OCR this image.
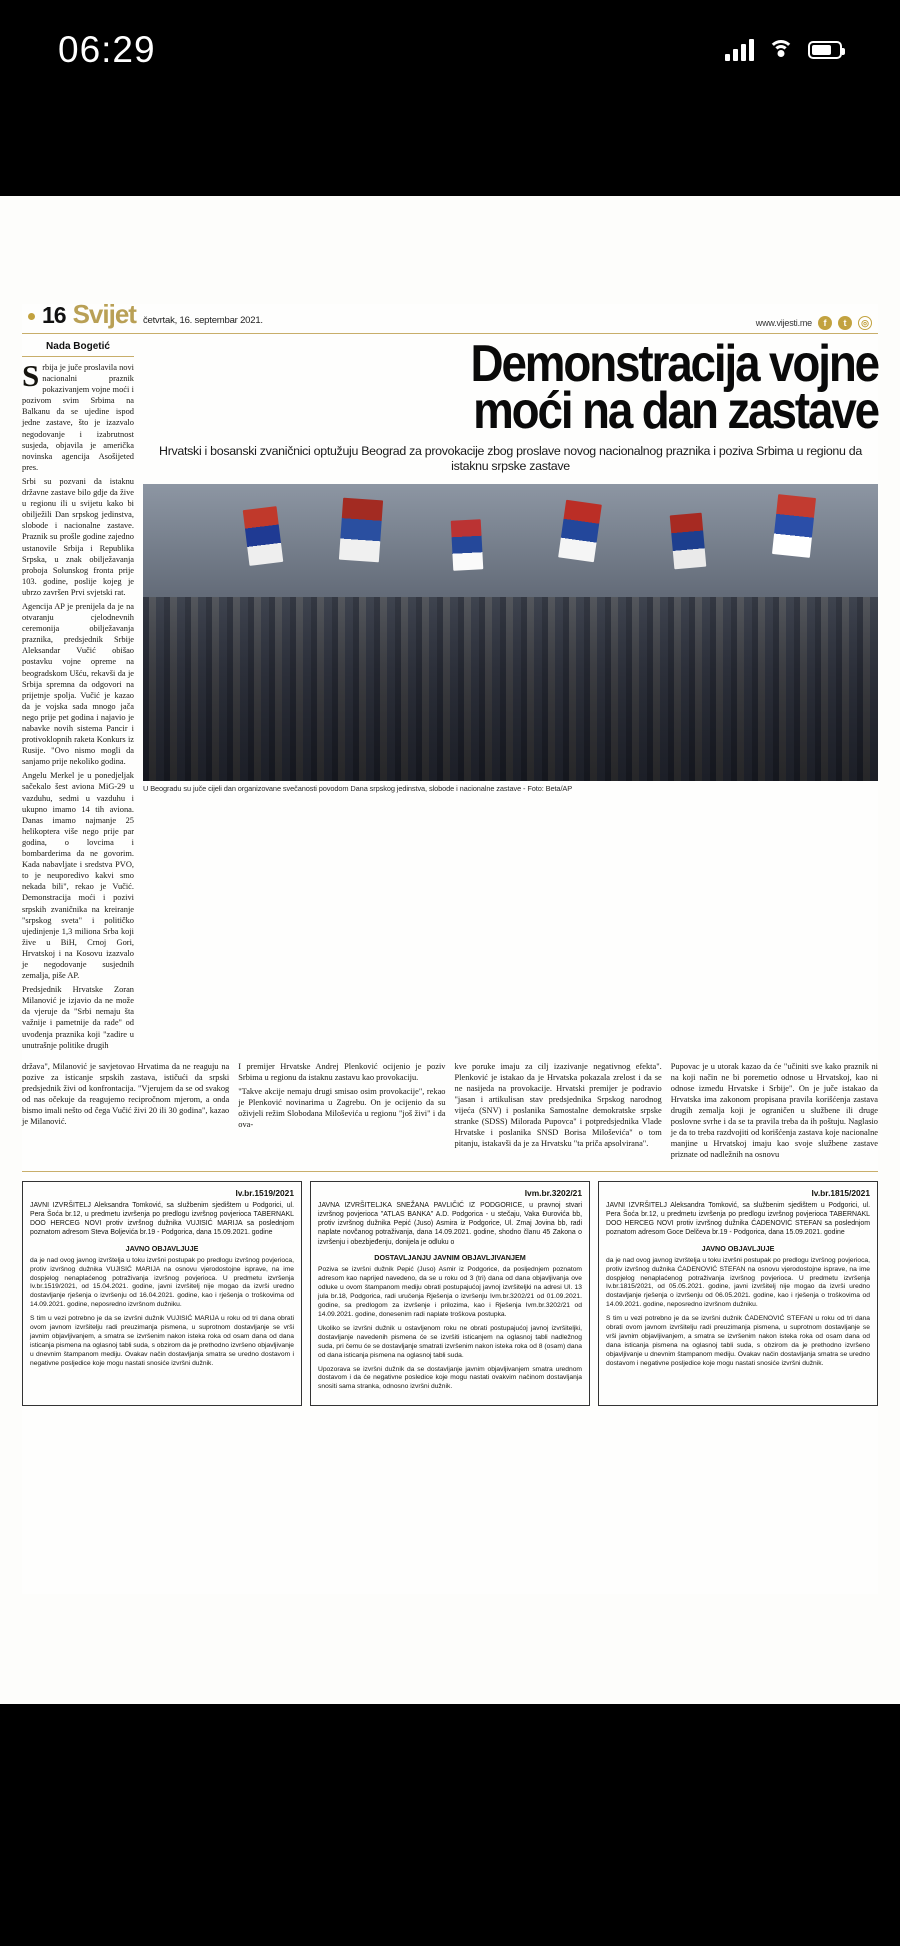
06:29
16 Svijet četvrtak, 16. septembar 2021.	www.vijesti.me	f	t	◎
Nada Bogetić

Srbija je juče proslavila novi nacionalni praznik pokazivanjem vojne moći i pozivom svim Srbima na Balkanu da se ujedine ispod jedne zastave, što je izazvalo negodovanje i izabrutnost susjeda, objavila je američka novinska agencija Asošijeted pres.

Srbi su pozvani da istaknu državne zastave bilo gdje da žive u regionu ili u svijetu kako bi obilježili Dan srpskog jedinstva, slobode i nacionalne zastave. Praznik su prošle godine zajedno ustanovile Srbija i Republika Srpska, u znak obilježavanja proboja Solunskog fronta prije 103. godine, poslije kojeg je ubrzo završen Prvi svjetski rat.

Agencija AP je prenijela da je na otvaranju cjelodnevnih ceremonija obilježavanja praznika, predsjednik Srbije Aleksandar Vučić obišao postavku vojne opreme na beogradskom Ušću, rekavši da je Srbija spremna da odgovori na prijetnje spolja. Vučić je kazao da je vojska sada mnogo jača nego prije pet godina i najavio je nabavke novih sistema Pancir i protivoklopnih raketa Konkurs iz Rusije. "Ovo nismo mogli da sanjamo prije nekoliko godina.

Angelu Merkel je u ponedjeljak sačekalo šest aviona MiG-29 u vazduhu, sedmi u vazduhu i ukupno imamo 14 tih aviona. Danas imamo najmanje 25 helikoptera više nego prije par godina, o lovcima i bombarderima da ne govorim. Kada nabavljate i sredstva PVO, to je neuporedivo kakvi smo nekada bili", rekao je Vučić. Demonstracija moći i pozivi srpskih zvaničnika na kreiranje "srpskog sveta" i političko ujedinjenje 1,3 miliona Srba koji žive u BiH, Crnoj Gori, Hrvatskoj i na Kosovu izazvalo je negodovanje susjednih zemalja, piše AP.

Predsjednik Hrvatske Zoran Milanović je izjavio da ne može da vjeruje da "Srbi nemaju šta važnije i pametnije da rade" od uvođenja praznika koji "zadire u unutrašnje politike drugih

Demonstracija vojne
moći na dan zastave
Hrvatski i bosanski zvaničnici optužuju Beograd za provokacije zbog proslave novog nacionalnog praznika i poziva Srbima u regionu da istaknu srpske zastave
U Beogradu su juče cijeli dan organizovane svečanosti povodom Dana srpskog jedinstva, slobode i nacionalne zastave - Foto: Beta/AP

država", Milanović je savjetovao Hrvatima da ne reaguju na pozive za isticanje srpskih zastava, ističući da srpski predsjednik živi od konfrontacija. "Vjerujem da se od svakog od nas očekuje da reagujemo recipročnom mjerom, a onda bismo imali nešto od čega Vučić živi 20 ili 30 godina", kazao je Milanović.

I premijer Hrvatske Andrej Plenković ocijenio je poziv Srbima u regionu da istaknu zastavu kao provokaciju.

"Takve akcije nemaju drugi smisao osim provokacije", rekao je Plenković novinarima u Zagrebu. On je ocijenio da su oživjeli režim Slobodana Miloševića u regionu "još živi" i da ova-

kve poruke imaju za cilj izazivanje negativnog efekta". Plenković je istakao da je Hrvatska pokazala zrelost i da se ne nasijeda na provokacije. Hrvatski premijer je podravio "jasan i artikulisan stav predsjednika Srpskog narodnog vijeća (SNV) i poslanika Samostalne demokratske srpske stranke (SDSS) Milorada Pupovca" i potpredsjednika Vlade Hrvatske i poslanika SNSD Borisa Miloševića" o tom pitanju, istakavši da je za Hrvatsku "ta priča apsolvirana".

Pupovac je u utorak kazao da će "učiniti sve kako praznik ni na koji način ne bi poremetio odnose u Hrvatskoj, kao ni odnose između Hrvatske i Srbije". On je juče istakao da Hrvatska ima zakonom propisana pravila korišćenja zastava drugih zemalja koji je ograničen u službene ili druge poslovne svrhe i da se ta pravila treba da ih poštuju. Naglasio je da to treba razdvojiti od korišćenja zastava koje nacionalne manjine u Hrvatskoj imaju kao svoje službene zastave priznate od nadležnih na osnovu

Iv.br.1519/2021
JAVNI IZVRŠITELJ Aleksandra Tomković, sa službenim sjedištem u Podgorici, ul. Pera Šoća br.12, u predmetu izvršenja po predlogu izvršnog povjerioca TABERNAKL DOO HERCEG NOVI protiv izvršnog dužnika VUJISIĆ MARIJA sa poslednjom poznatom adresom Steva Boljevića br.19 - Podgorica, dana 15.09.2021. godine
JAVNO OBJAVLJUJE
da je nad ovog javnog izvrštelja u toku izvršni postupak po predlogu izvršnog povjerioca, protiv izvršnog dužnika VUJISIĆ MARIJA na osnovu vjerodostojne isprave, na ime dospjelog nenaplaćenog potraživanja izvršnog povjerioca. U predmetu izvršenja Iv.br.1519/2021, od 15.04.2021. godine, javni izvršitelj nije mogao da izvrši uredno dostavljanje rješenja o izvršenju od 16.04.2021. godine, kao i rješenja o troškovima od 14.09.2021. godine, neposredno izvršnom dužniku.
S tim u vezi potrebno je da se izvršni dužnik VUJISIĆ MARIJA u roku od tri dana obrati ovom javnom izvršitelju radi preuzimanja pismena, u suprotnom dostavljanje se vrši javnim objavljivanjem, a smatra se izvršenim nakon isteka roka od osam dana od dana isticanja pismena na oglasnoj tabli suda, s obzirom da je prethodno izvršeno objavljivanje u dnevnim štampanom mediju. Ovakav način dostavljanja smatra se uredno dostavom i negativne posljedice koje mogu nastati snosiće izvršni dužnik.
Ivm.br.3202/21
JAVNA IZVRŠITELJKA SNEŽANA PAVLIČIĆ IZ PODGORICE, u pravnoj stvari izvršnog povjerioca "ATLAS BANKA" A.D. Podgorica - u stečaju, Vaka Đurovića bb, protiv izvršnog dužnika Pepić (Juso) Asmira iz Podgorice, Ul. Zmaj Jovina bb, radi naplate novčanog potraživanja, dana 14.09.2021. godine, shodno članu 45 Zakona o izvršenju i obezbjeđenju, donijela je odluku o
DOSTAVLJANJU JAVNIM OBJAVLJIVANJEM
Poziva se izvršni dužnik Pepić (Juso) Asmir iz Podgorice, da posljednjem poznatom adresom kao naprijed navedeno, da se u roku od 3 (tri) dana od dana objavljivanja ove odluke u ovom štampanom mediju obrati postupajućoj javnoj izvršiteljki na adresi Ul. 13 jula br.18, Podgorica, radi uručenja Rješenja o izvršenju Ivm.br.3202/21 od 01.09.2021. godine, sa predlogom za izvršenje i prilozima, kao i Rješenja Ivm.br.3202/21 od 14.09.2021. godine, donesenim radi naplate troškova postupka.
Ukoliko se izvršni dužnik u ostavljenom roku ne obrati postupajućoj javnoj izvršiteljki, dostavljanje navedenih pismena će se izvršiti isticanjem na oglasnoj tabli nadležnog suda, pri čemu će se dostavljanje smatrati izvršenim nakon isteka roka od 8 (osam) dana od dana isticanja pismena na oglasnoj tabli suda.
Upozorava se izvršni dužnik da se dostavljanje javnim objavljivanjem smatra urednom dostavom i da će negativne posledice koje mogu nastati ovakvim načinom dostavljanja snositi sama stranka, odnosno izvršni dužnik.
Iv.br.1815/2021
JAVNI IZVRŠITELJ Aleksandra Tomković, sa službenim sjedištem u Podgorici, ul. Pera Šoća br.12, u predmetu izvršenja po predlogu izvršnog povjerioca TABERNAKL DOO HERCEG NOVI protiv izvršnog dužnika ĆADENOVIĆ STEFAN sa poslednjom poznatom adresom Goce Delčeva br.19 - Podgorica, dana 15.09.2021. godine
JAVNO OBJAVLJUJE
da je nad ovog javnog izvrštelja u toku izvršni postupak po predlogu izvršnog povjerioca, protiv izvršnog dužnika ĆADENOVIĆ STEFAN na osnovu vjerodostojne isprave, na ime dospjelog nenaplaćenog potraživanja izvršnog povjerioca. U predmetu izvršenja Iv.br.1815/2021, od 05.05.2021. godine, javni izvršitelj nije mogao da izvrši uredno dostavljanje rješenja o izvršenju od 06.05.2021. godine, kao i rješenja o troškovima od 14.09.2021. godine, neposredno izvršnom dužniku.
S tim u vezi potrebno je da se izvršni dužnik ĆADENOVIĆ STEFAN u roku od tri dana obrati ovom javnom izvršitelju radi preuzimanja pismena, u suprotnom dostavljanje se vrši javnim objavljivanjem, a smatra se izvršenim nakon isteka roka od osam dana od dana isticanja pismena na oglasnoj tabli suda, s obzirom da je prethodno izvršeno objavljivanje u dnevnim štampanom mediju. Ovakav način dostavljanja smatra se uredno dostavom i negativne posljedice koje mogu nastati snosiće izvršni dužnik.
